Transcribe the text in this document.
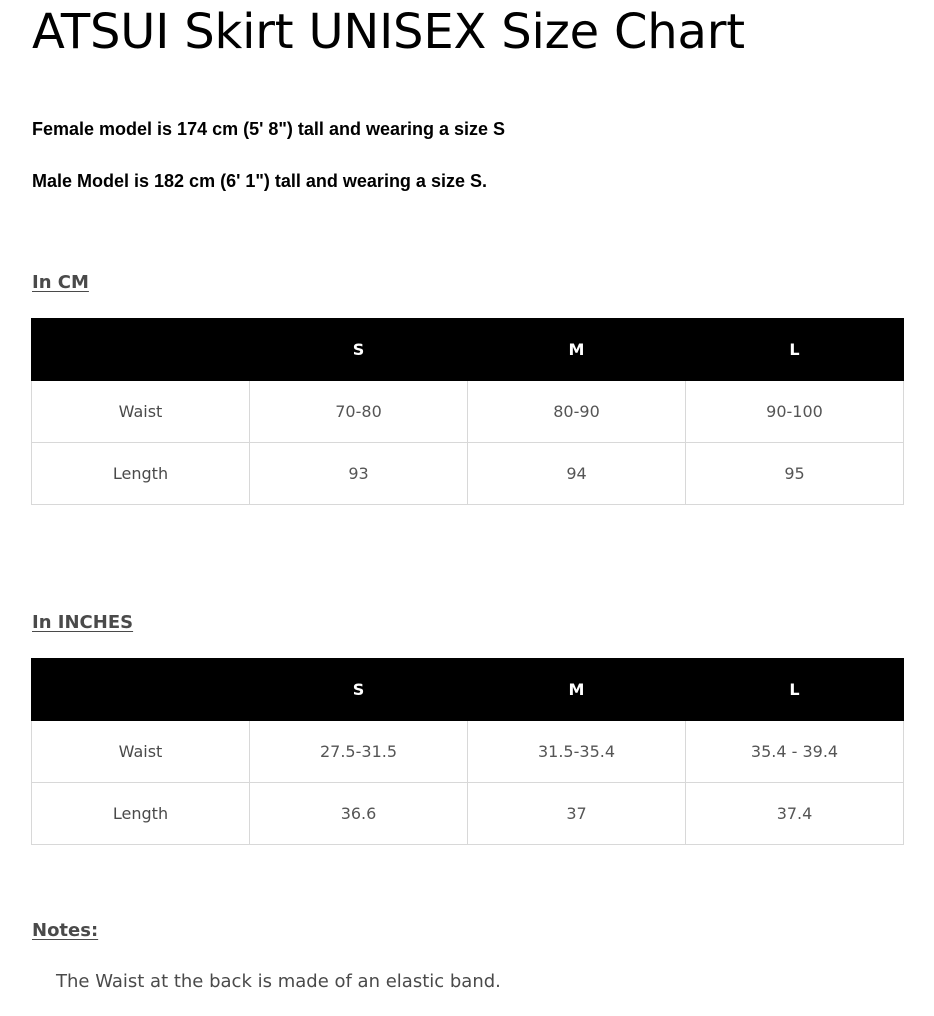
ATSUI Skirt UNISEX Size Chart

Female model is 174 cm (5' 8") tall and wearing a size S

Male Model is 182 cm (6' 1") tall and wearing a size S.

In CM
	S	M	L
Waist	70-80	80-90	90-100
Length	93	94	95
In INCHES
	S	M	L
Waist	27.5-31.5	31.5-35.4	35.4 - 39.4
Length	36.6	37	37.4
Notes:

The Waist at the back is made of an elastic band.
